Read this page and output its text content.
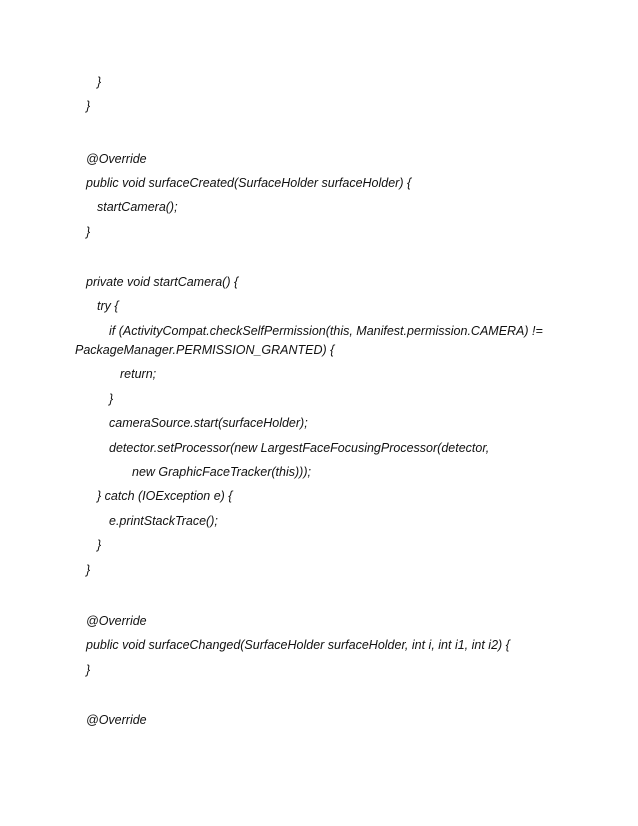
}
}
@Override
public void surfaceCreated(SurfaceHolder surfaceHolder) {
startCamera();
}
private void startCamera() {
try {
if (ActivityCompat.checkSelfPermission(this, Manifest.permission.CAMERA) !=
PackageManager.PERMISSION_GRANTED) {
return;
}
cameraSource.start(surfaceHolder);
detector.setProcessor(new LargestFaceFocusingProcessor(detector,
new GraphicFaceTracker(this)));
} catch (IOException e) {
e.printStackTrace();
}
}
@Override
public void surfaceChanged(SurfaceHolder surfaceHolder, int i, int i1, int i2) {
}
@Override
